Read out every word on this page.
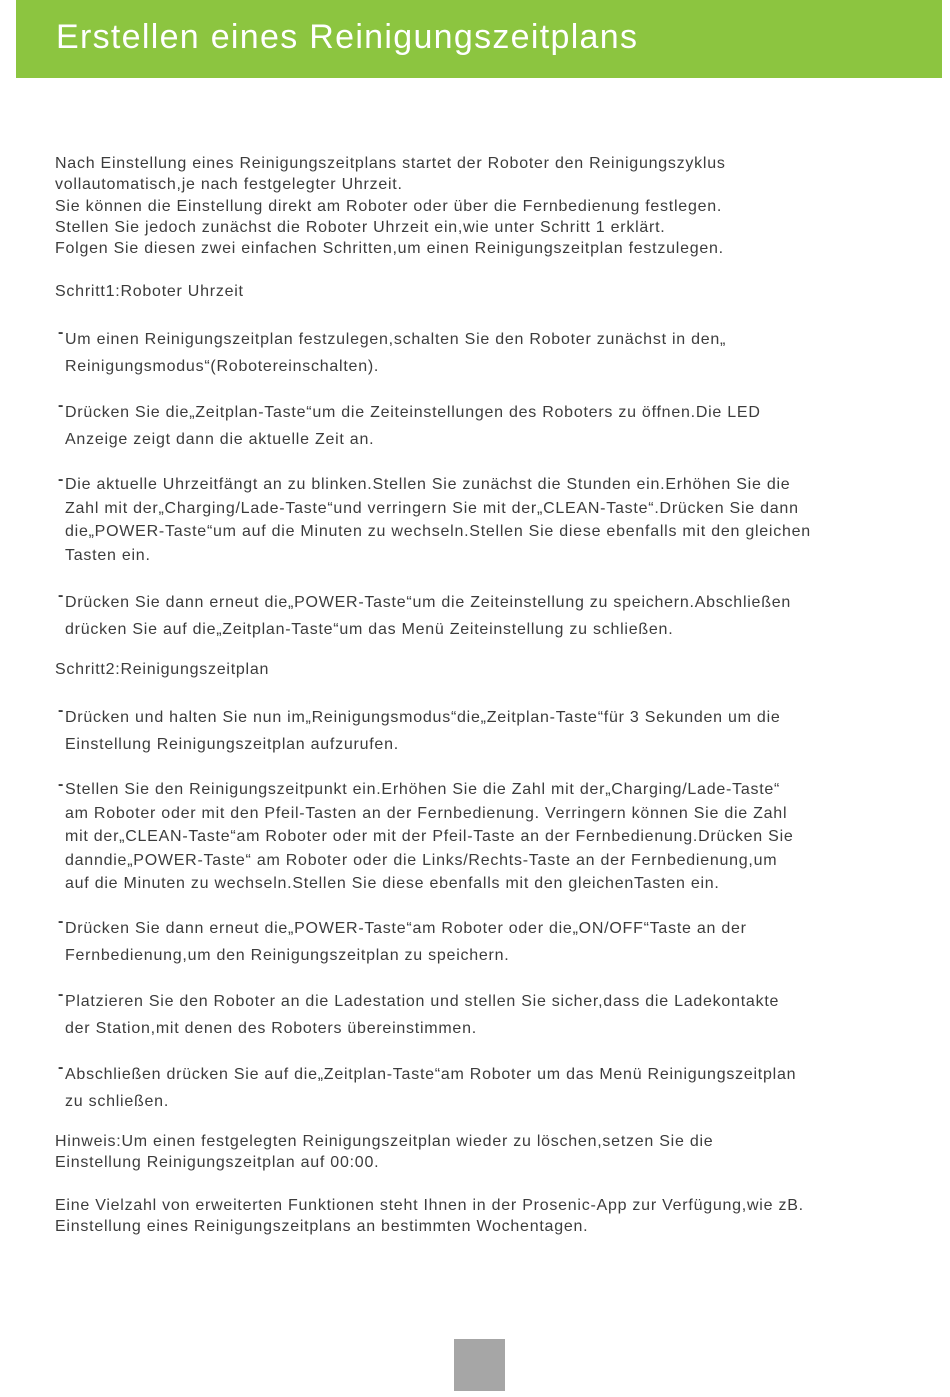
Erstellen eines Reinigungszeitplans

Nach Einstellung eines Reinigungszeitplans startet der Roboter den Reinigungszyklus
vollautomatisch,je nach festgelegter Uhrzeit.
Sie können die Einstellung direkt am Roboter oder über die Fernbedienung festlegen.
Stellen Sie jedoch zunächst die Roboter Uhrzeit ein,wie unter Schritt 1 erklärt.
Folgen Sie diesen zwei einfachen Schritten,um einen Reinigungszeitplan festzulegen.

Schritt1:Roboter Uhrzeit

- Um einen Reinigungszeitplan festzulegen,schalten Sie den Roboter zunächst in den„
Reinigungsmodus“(Robotereinschalten).

- Drücken Sie die„Zeitplan-Taste“um die Zeiteinstellungen des Roboters zu öffnen.Die LED
Anzeige zeigt dann die aktuelle Zeit an.

- Die aktuelle Uhrzeitfängt an zu blinken.Stellen Sie zunächst die Stunden ein.Erhöhen Sie die
Zahl mit der„Charging/Lade-Taste“und verringern Sie mit der„CLEAN-Taste“.Drücken Sie dann
die„POWER-Taste“um auf die Minuten zu wechseln.Stellen Sie diese ebenfalls mit den gleichen
Tasten ein.

- Drücken Sie dann erneut die„POWER-Taste“um die Zeiteinstellung zu speichern.Abschließen
drücken Sie auf die„Zeitplan-Taste“um das Menü Zeiteinstellung zu schließen.

Schritt2:Reinigungszeitplan

- Drücken und halten Sie nun im„Reinigungsmodus“die„Zeitplan-Taste“für 3 Sekunden um die
Einstellung Reinigungszeitplan aufzurufen.

- Stellen Sie den Reinigungszeitpunkt ein.Erhöhen Sie die Zahl mit der„Charging/Lade-Taste“
am Roboter oder mit den Pfeil-Tasten an der Fernbedienung. Verringern können Sie die Zahl
mit der„CLEAN-Taste“am Roboter oder mit der Pfeil-Taste an der Fernbedienung.Drücken Sie
danndie„POWER-Taste“ am Roboter oder die Links/Rechts-Taste an der Fernbedienung,um
auf die Minuten zu wechseln.Stellen Sie diese ebenfalls mit den gleichenTasten ein.

- Drücken Sie dann erneut die„POWER-Taste“am Roboter oder die„ON/OFF“Taste an der
Fernbedienung,um den Reinigungszeitplan zu speichern.

- Platzieren Sie den Roboter an die Ladestation und stellen Sie sicher,dass die Ladekontakte
der Station,mit denen des Roboters übereinstimmen.

- Abschließen drücken Sie auf die„Zeitplan-Taste“am Roboter um das Menü Reinigungszeitplan
zu schließen.

Hinweis:Um einen festgelegten Reinigungszeitplan wieder zu löschen,setzen Sie die
Einstellung Reinigungszeitplan auf 00:00.

Eine Vielzahl von erweiterten Funktionen steht Ihnen in der Prosenic-App zur Verfügung,wie zB.
Einstellung eines Reinigungszeitplans an bestimmten Wochentagen.
